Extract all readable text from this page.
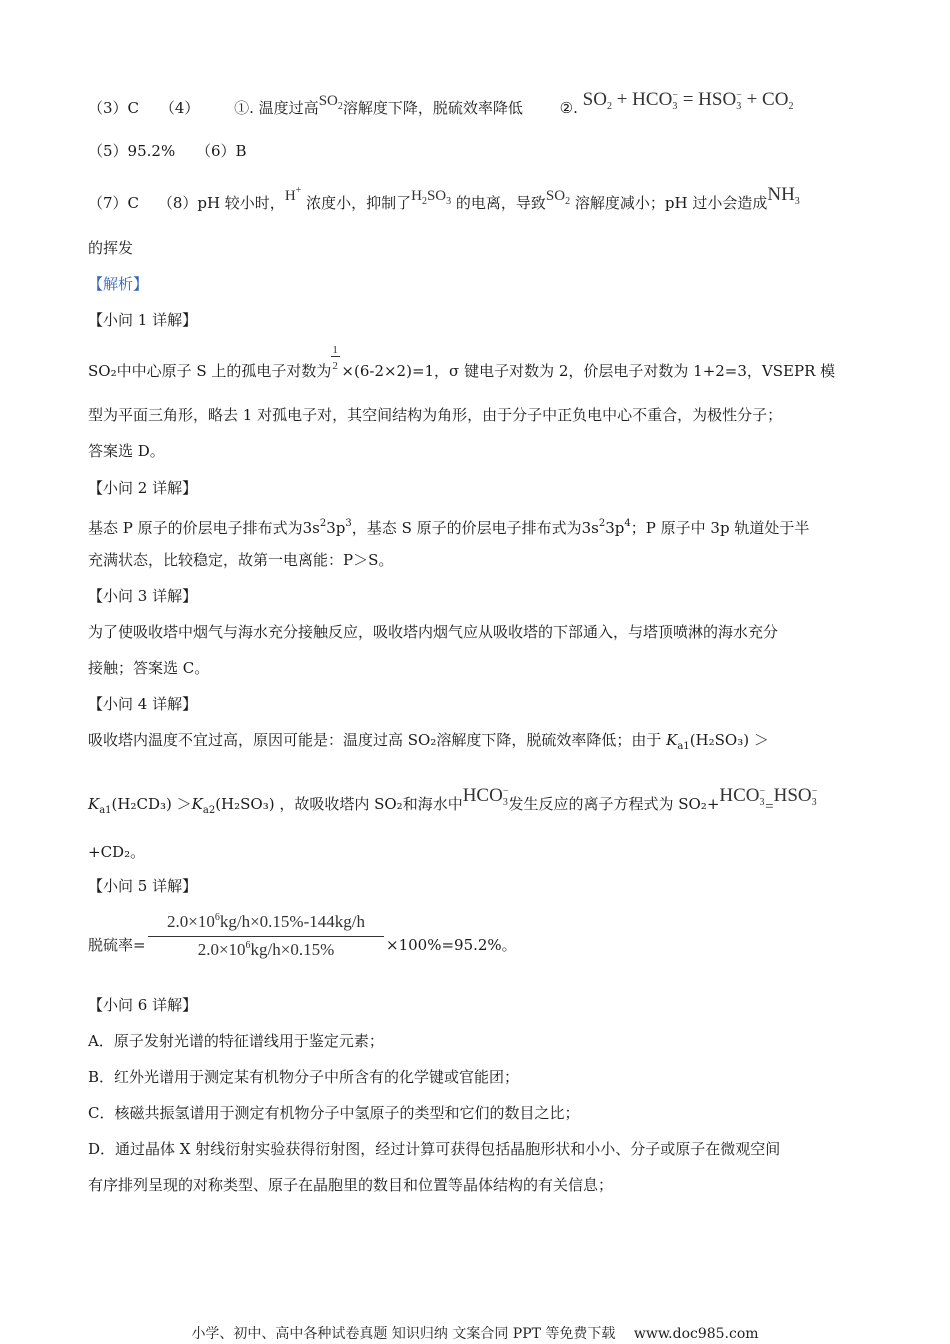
（3）C （4） ①. 温度过高$SO_2$溶解度下降，脱硫效率降低 ②. $SO_2 + HCO_3^- = HSO_3^- + CO_2$
（5）95.2% （6）B
（7）C （8）pH 较小时，H+ 浓度小，抑制了$H_2SO_3$ 的电离，导致$SO_2$ 溶解度减小；pH 过小会造成$NH_3$
的挥发
【解析】
【小问 1 详解】
SO₂中中心原子 S 上的孤电子对数为 $\frac{1}{2} \times(6-2\times 2)=1$，σ 键电子对数为 2，价层电子对数为 1+2=3，VSEPR 模
型为平面三角形，略去 1 对孤电子对，其空间结构为角形，由于分子中正负电中心不重合，为极性分子；
答案选 D。
【小问 2 详解】
基态 P 原子的价层电子排布式为$3s^23p^3$，基态 S 原子的价层电子排布式为$3s^23p^4$；P 原子中 3p 轨道处于半
充满状态，比较稳定，故第一电离能：P＞S。
【小问 3 详解】
为了使吸收塔中烟气与海水充分接触反应，吸收塔内烟气应从吸收塔的下部通入，与塔顶喷淋的海水充分
接触；答案选 C。
【小问 4 详解】
吸收塔内温度不宜过高，原因可能是：温度过高 SO₂溶解度下降，脱硫效率降低；由于 $K_{a1}(H_2SO_3)$ ＞
$K_{a1}(H_2CD_3) >K_{a2}(H_2SO_3)$ ，故吸收塔内 SO₂和海水中$HCO_3^-$发生反应的离子方程式为 $SO_2+HCO_3^-_=HSO_3^-$
+CD₂。
【小问 5 详解】
脱硫率=
$2.0\times 10^6kg/h\times 0.15\%-144kg/h$
$2.0\times 10^6kg/h\times 0.15\%$	×100%=95.2%。
【小问 6 详解】
A．原子发射光谱的特征谱线用于鉴定元素；
B．红外光谱用于测定某有机物分子中所含有的化学键或官能团；
C．核磁共振氢谱用于测定有机物分子中氢原子的类型和它们的数目之比；
D．通过晶体 X 射线衍射实验获得衍射图，经过计算可获得包括晶胞形状和小小、分子或原子在微观空间
有序排列呈现的对称类型、原子在晶胞里的数目和位置等晶体结构的有关信息；
小学、初中、高中各种试卷真题 知识归纳 文案合同 PPT 等免费下载　 www.doc985.com
